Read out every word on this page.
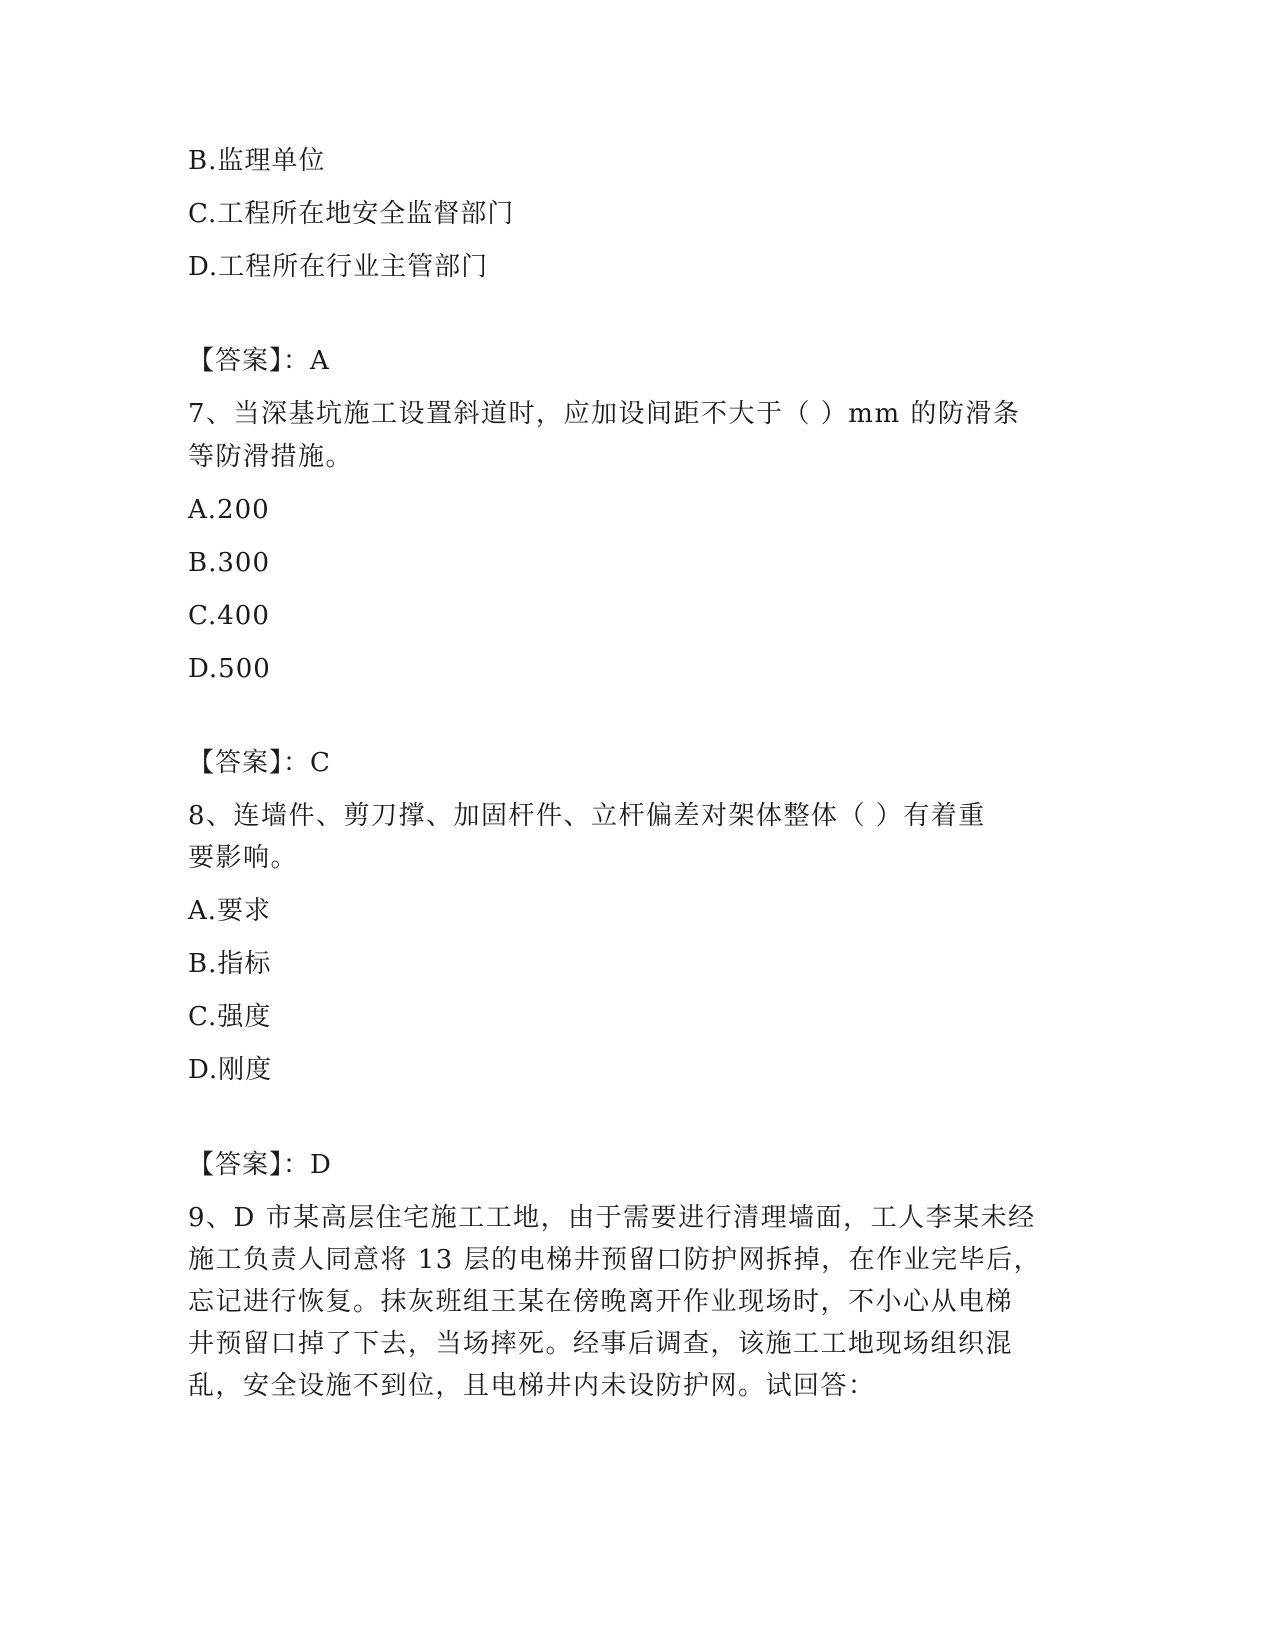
B.监理单位
C.工程所在地安全监督部门
D.工程所在行业主管部门
【答案】：A
7、当深基坑施工设置斜道时，应加设间距不大于（ ）mm 的防滑条
等防滑措施。
A.200
B.300
C.400
D.500
【答案】：C
8、连墙件、剪刀撑、加固杆件、立杆偏差对架体整体（ ）有着重
要影响。
A.要求
B.指标
C.强度
D.刚度
【答案】：D
9、D 市某高层住宅施工工地，由于需要进行清理墙面，工人李某未经
施工负责人同意将 13 层的电梯井预留口防护网拆掉，在作业完毕后，
忘记进行恢复。抹灰班组王某在傍晚离开作业现场时，不小心从电梯
井预留口掉了下去，当场摔死。经事后调查，该施工工地现场组织混
乱，安全设施不到位，且电梯井内未设防护网。试回答：
